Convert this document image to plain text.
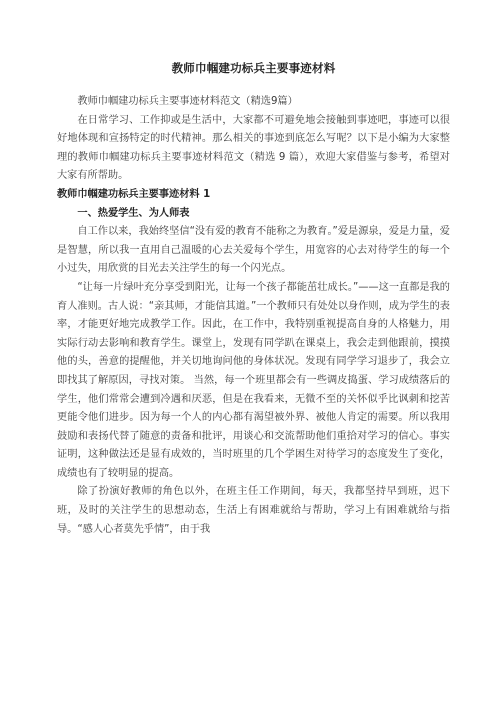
教师巾帼建功标兵主要事迹材料

教师巾帼建功标兵主要事迹材料范文（精选9篇）

在日常学习、工作抑或是生活中，大家都不可避免地会接触到事迹吧，事迹可以很好地体现和宣扬特定的时代精神。那么相关的事迹到底怎么写呢？以下是小编为大家整理的教师巾帼建功标兵主要事迹材料范文（精选 9 篇），欢迎大家借鉴与参考，希望对大家有所帮助。

教师巾帼建功标兵主要事迹材料 1

一、热爱学生、为人师表

自工作以来，我始终坚信“没有爱的教育不能称之为教育。”爱是源泉，爱是力量，爱是智慧，所以我一直用自己温暖的心去关爱每个学生，用宽容的心去对待学生的每一个小过失，用欣赏的目光去关注学生的每一个闪光点。

“让每一片绿叶充分享受到阳光，让每一个孩子都能茁壮成长。”——这一直都是我的育人准则。古人说：“亲其师，才能信其道。”一个教师只有处处以身作则，成为学生的表率，才能更好地完成教学工作。因此，在工作中，我特别重视提高自身的人格魅力，用实际行动去影响和教育学生。课堂上，发现有同学趴在课桌上，我会走到他跟前，摸摸他的头，善意的提醒他，并关切地询问他的身体状况。发现有同学学习退步了，我会立即找其了解原因，寻找对策。 当然，每一个班里都会有一些调皮捣蛋、学习成绩落后的学生，他们常常会遭到冷遇和厌恶，但是在我看来，无微不至的关怀似乎比讽刺和挖苦更能令他们进步。因为每一个人的内心都有渴望被外界、被他人肯定的需要。所以我用鼓励和表扬代替了随意的责备和批评，用谈心和交流帮助他们重拾对学习的信心。事实证明，这种做法还是显有成效的，当时班里的几个学困生对待学习的态度发生了变化，成绩也有了较明显的提高。

除了扮演好教师的角色以外，在班主任工作期间，每天，我都坚持早到班，迟下班，及时的关注学生的思想动态，生活上有困难就给与帮助，学习上有困难就给与指导。“感人心者莫先乎情”，由于我
